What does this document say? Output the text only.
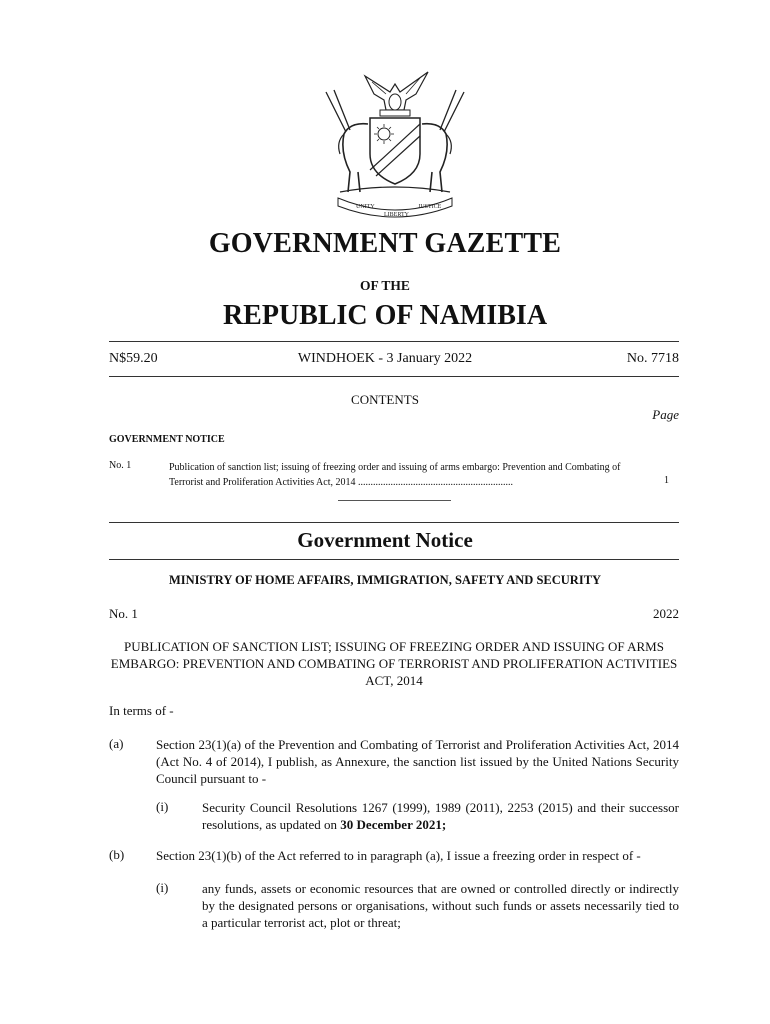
UNITY
LIBERTY
JUSTICE
GOVERNMENT GAZETTE
OF THE
REPUBLIC OF NAMIBIA
N$59.20	WINDHOEK - 3 January 2022	No. 7718
CONTENTS
Page
GOVERNMENT NOTICE
No. 1	Publication of sanction list; issuing of freezing order and issuing of arms embargo: Prevention and Combating of Terrorist and Proliferation Activities Act, 2014 ..............................................................	1
Government Notice
MINISTRY OF HOME AFFAIRS, IMMIGRATION, SAFETY AND SECURITY
No. 1	2022
PUBLICATION OF SANCTION LIST; ISSUING OF FREEZING ORDER AND ISSUING OF ARMS EMBARGO: PREVENTION AND COMBATING OF TERRORIST AND PROLIFERATION ACTIVITIES ACT, 2014
In terms of -
(a)	Section 23(1)(a) of the Prevention and Combating of Terrorist and Proliferation Activities Act, 2014 (Act No. 4 of 2014), I publish, as Annexure, the sanction list issued by the United Nations Security Council pursuant to -
(i)	Security Council Resolutions 1267 (1999), 1989 (2011), 2253 (2015) and their successor resolutions, as updated on 30 December 2021;
(b) Section 23(1)(b) of the Act referred to in paragraph (a), I issue a freezing order in respect of -
(i)	any funds, assets or economic resources that are owned or controlled directly or indirectly by the designated persons or organisations, without such funds or assets necessarily tied to a particular terrorist act, plot or threat;
